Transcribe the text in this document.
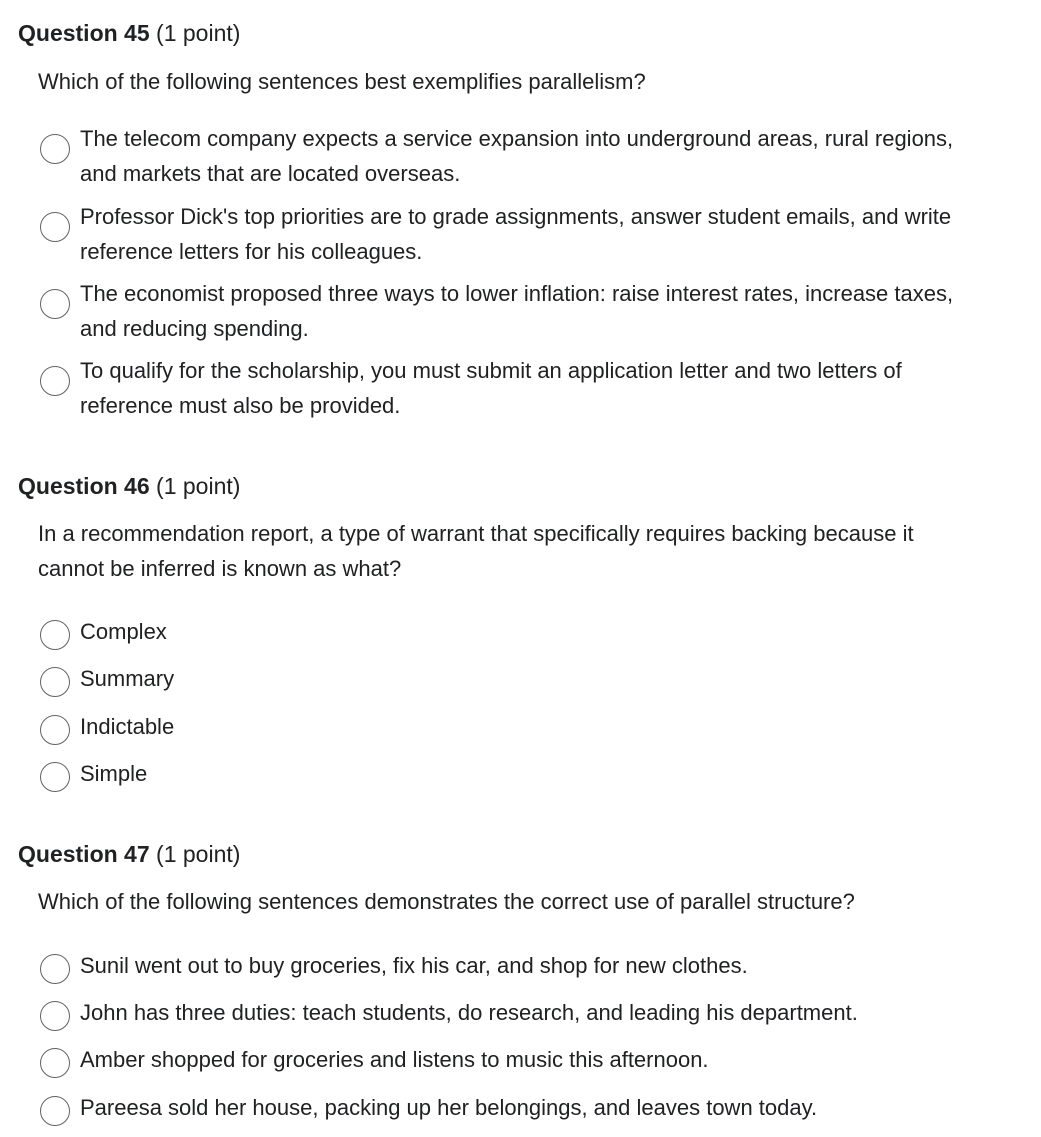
Question 45 (1 point)
Which of the following sentences best exemplifies parallelism?
The telecom company expects a service expansion into underground areas, rural regions, and markets that are located overseas.
Professor Dick's top priorities are to grade assignments, answer student emails, and write reference letters for his colleagues.
The economist proposed three ways to lower inflation: raise interest rates, increase taxes, and reducing spending.
To qualify for the scholarship, you must submit an application letter and two letters of reference must also be provided.
Question 46 (1 point)
In a recommendation report, a type of warrant that specifically requires backing because it cannot be inferred is known as what?
Complex
Summary
Indictable
Simple
Question 47 (1 point)
Which of the following sentences demonstrates the correct use of parallel structure?
Sunil went out to buy groceries, fix his car, and shop for new clothes.
John has three duties: teach students, do research, and leading his department.
Amber shopped for groceries and listens to music this afternoon.
Pareesa sold her house, packing up her belongings, and leaves town today.
